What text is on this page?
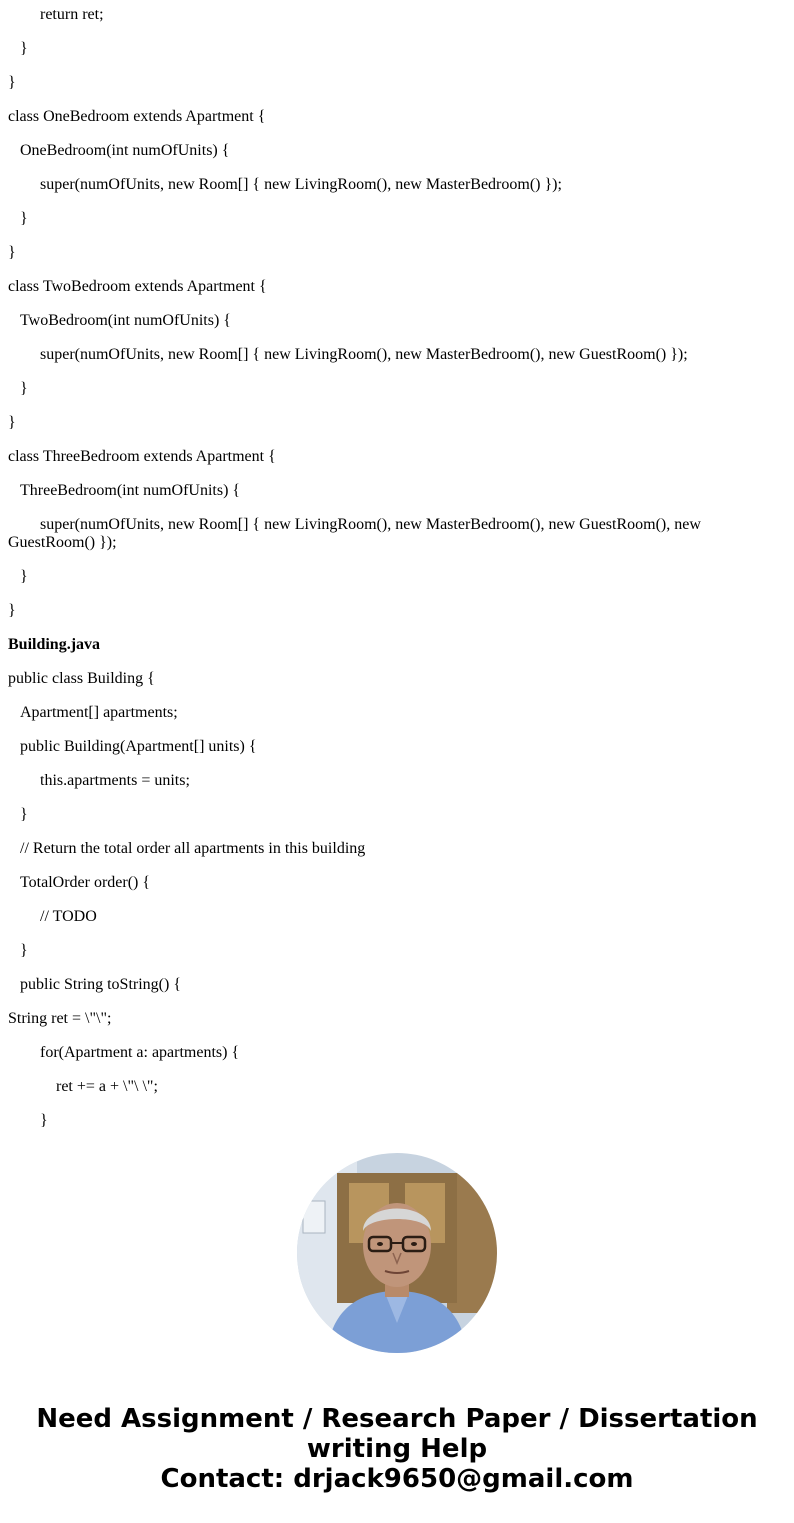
return ret;

}

}

class OneBedroom extends Apartment {

OneBedroom(int numOfUnits) {

super(numOfUnits, new Room[] { new LivingRoom(), new MasterBedroom() });

}

}

class TwoBedroom extends Apartment {

TwoBedroom(int numOfUnits) {

super(numOfUnits, new Room[] { new LivingRoom(), new MasterBedroom(), new GuestRoom() });

}

}

class ThreeBedroom extends Apartment {

ThreeBedroom(int numOfUnits) {

super(numOfUnits, new Room[] { new LivingRoom(), new MasterBedroom(), new GuestRoom(), new GuestRoom() });

}

}

Building.java

public class Building {

Apartment[] apartments;

public Building(Apartment[] units) {

this.apartments = units;

}

// Return the total order all apartments in this building

TotalOrder order() {

// TODO

}

public String toString() {

String ret = \"\";

for(Apartment a: apartments) {

ret += a + \"\ \";

}

Need Assignment / Research Paper / Dissertation
writing Help
Contact: drjack9650@gmail.com
